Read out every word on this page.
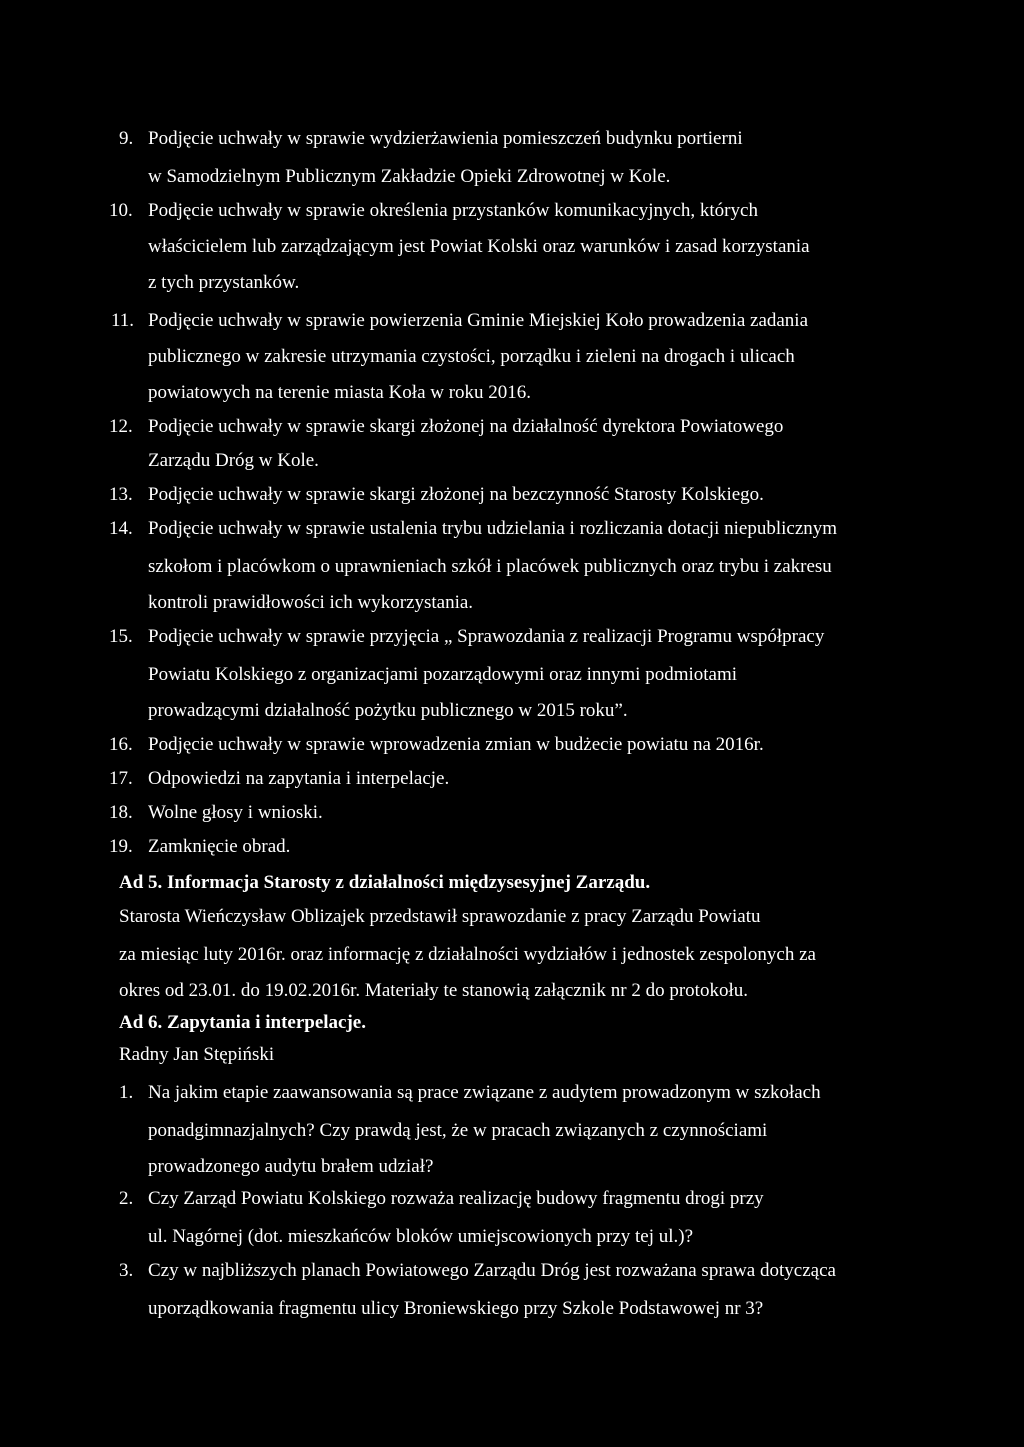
9. Podjęcie uchwały w sprawie wydzierżawienia pomieszczeń budynku portierni
w Samodzielnym Publicznym Zakładzie Opieki Zdrowotnej w Kole.
10. Podjęcie uchwały w sprawie określenia przystanków komunikacyjnych, których
właścicielem lub zarządzającym jest Powiat Kolski oraz warunków i zasad korzystania
z tych przystanków.
11. Podjęcie uchwały w sprawie powierzenia Gminie Miejskiej Koło prowadzenia zadania
publicznego w zakresie utrzymania czystości, porządku i zieleni na drogach i ulicach
powiatowych na terenie miasta Koła w roku 2016.
12. Podjęcie uchwały w sprawie skargi złożonej na działalność dyrektora Powiatowego
Zarządu Dróg w Kole.
13. Podjęcie uchwały w sprawie skargi złożonej na bezczynność Starosty Kolskiego.
14. Podjęcie uchwały w sprawie ustalenia trybu udzielania i rozliczania dotacji niepublicznym
szkołom i placówkom o uprawnieniach szkół i placówek publicznych oraz trybu i zakresu
kontroli prawidłowości ich wykorzystania.
15. Podjęcie uchwały w sprawie przyjęcia „ Sprawozdania z realizacji Programu współpracy
Powiatu Kolskiego z organizacjami pozarządowymi oraz innymi podmiotami
prowadzącymi działalność pożytku publicznego w 2015 roku”.
16. Podjęcie uchwały w sprawie wprowadzenia zmian w budżecie powiatu na 2016r.
17. Odpowiedzi na zapytania i interpelacje.
18. Wolne głosy i wnioski.
19. Zamknięcie obrad.
Ad 5. Informacja Starosty z działalności międzysesyjnej Zarządu.
Starosta Wieńczysław Oblizajek przedstawił sprawozdanie z pracy Zarządu Powiatu
za miesiąc luty 2016r. oraz informację z działalności wydziałów i jednostek zespolonych za
okres od 23.01. do 19.02.2016r. Materiały te stanowią załącznik nr 2 do protokołu.
Ad 6. Zapytania i interpelacje.
Radny Jan Stępiński
1. Na jakim etapie zaawansowania są prace związane z audytem prowadzonym w szkołach
ponadgimnazjalnych? Czy prawdą jest, że w pracach związanych z czynnościami
prowadzonego audytu brałem udział?
2. Czy Zarząd Powiatu Kolskiego rozważa realizację budowy fragmentu drogi przy
ul. Nagórnej (dot. mieszkańców bloków umiejscowionych przy tej ul.)?
3. Czy w najbliższych planach Powiatowego Zarządu Dróg jest rozważana sprawa dotycząca
uporządkowania fragmentu ulicy Broniewskiego przy Szkole Podstawowej nr 3?
